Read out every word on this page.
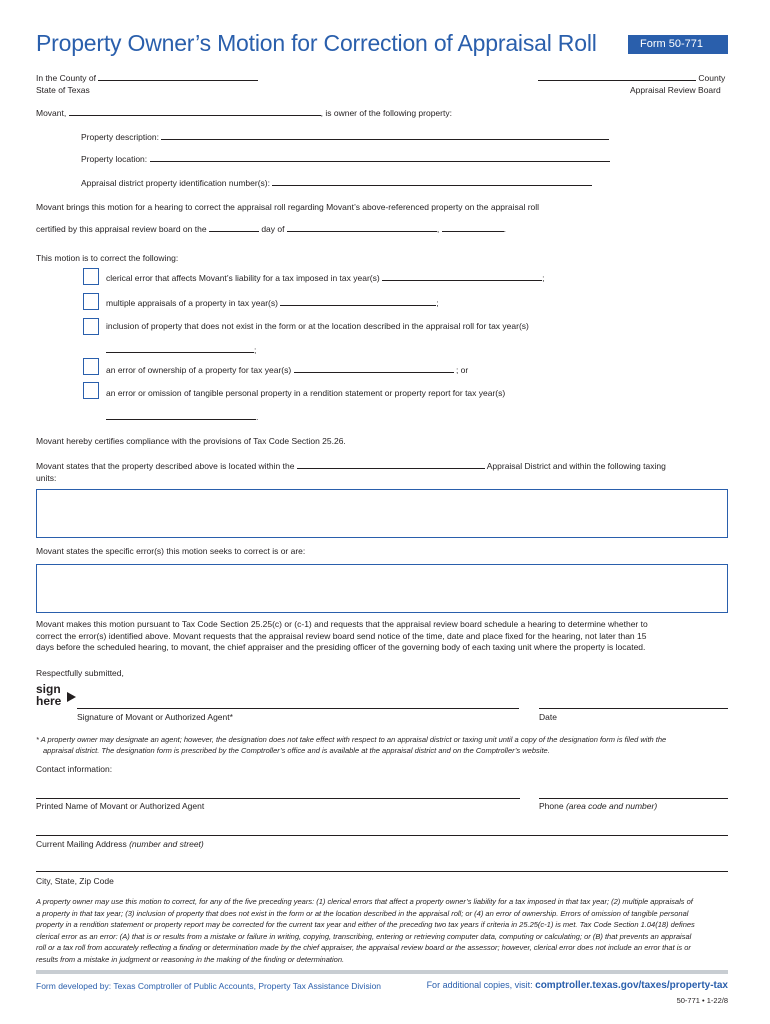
Property Owner’s Motion for Correction of Appraisal Roll	Form 50-771
In the County of
State of Texas
County
Appraisal Review Board
Movant,	, is owner of the following property:
Property description:
Property location:
Appraisal district property identification number(s):
Movant brings this motion for a hearing to correct the appraisal roll regarding Movant’s above-referenced property on the appraisal roll
certified by this appraisal review board on the	day of	,	.
This motion is to correct the following:
clerical error that affects Movant’s liability for a tax imposed in tax year(s)	;
multiple appraisals of a property in tax year(s)	;
inclusion of property that does not exist in the form or at the location described in the appraisal roll for tax year(s)
;
an error of ownership of a property for tax year(s)	; or
an error or omission of tangible personal property in a rendition statement or property report for tax year(s)
.
Movant hereby certifies compliance with the provisions of Tax Code Section 25.26.
Movant states that the property described above is located within the	Appraisal District and within the following taxing
units:
Movant states the specific error(s) this motion seeks to correct is or are:
Movant makes this motion pursuant to Tax Code Section 25.25(c) or (c-1) and requests that the appraisal review board schedule a hearing to determine whether to
correct the error(s) identified above. Movant requests that the appraisal review board send notice of the time, date and place fixed for the hearing, not later than 15
days before the scheduled hearing, to movant, the chief appraiser and the presiding officer of the governing body of each taxing unit where the property is located.
Respectfully submitted,
sign
here
Signature of Movant or Authorized Agent*	Date
* A property owner may designate an agent; however, the designation does not take effect with respect to an appraisal district or taxing unit until a copy of the designation form is filed with the
appraisal district. The designation form is prescribed by the Comptroller’s office and is available at the appraisal district and on the Comptroller’s website.
Contact information:
Printed Name of Movant or Authorized Agent	Phone (area code and number)
Current Mailing Address (number and street)
City, State, Zip Code
A property owner may use this motion to correct, for any of the five preceding years: (1) clerical errors that affect a property owner’s liability for a tax imposed in that tax year; (2) multiple appraisals of
a property in that tax year; (3) inclusion of property that does not exist in the form or at the location described in the appraisal roll; or (4) an error of ownership. Errors of omission of tangible personal
property in a rendition statement or property report may be corrected for the current tax year and either of the preceding two tax years if criteria in 25.25(c-1) is met. Tax Code Section 1.04(18) defines
clerical error as an error: (A) that is or results from a mistake or failure in writing, copying, transcribing, entering or retrieving computer data, computing or calculating; or (B) that prevents an appraisal
roll or a tax roll from accurately reflecting a finding or determination made by the chief appraiser, the appraisal review board or the assessor; however, clerical error does not include an error that is or
results from a mistake in judgment or reasoning in the making of the finding or determination.
Form developed by: Texas Comptroller of Public Accounts, Property Tax Assistance Division	For additional copies, visit: comptroller.texas.gov/taxes/property-tax
50-771 • 1-22/8
